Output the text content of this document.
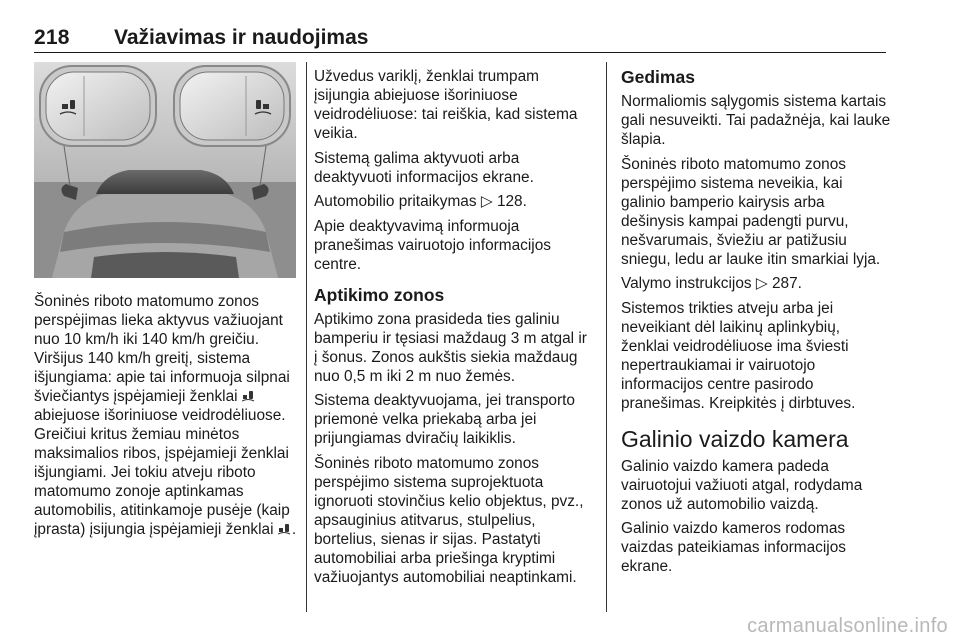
218 Važiavimas ir naudojimas

Šoninės riboto matomumo zonos perspėjimas lieka aktyvus važiuojant nuo 10 km/h iki 140 km/h greičiu. Viršijus 140 km/h greitį, sistema išjungiama: apie tai informuoja silpnai šviečiantys įspėjamieji ženklai  abiejuose išoriniuose veidrodėliuose. Greičiui kritus žemiau minėtos maksimalios ribos, įspėjamieji ženklai išjungiami. Jei tokiu atveju riboto matomumo zonoje aptinkamas automobilis, atitinkamoje pusėje (kaip įprasta) įsijungia įspėjamieji ženklai .

Užvedus variklį, ženklai trumpam įsijungia abiejuose išoriniuose veidrodėliuose: tai reiškia, kad sistema veikia.

Sistemą galima aktyvuoti arba deaktyvuoti informacijos ekrane.

Automobilio pritaikymas ▷ 128.

Apie deaktyvavimą informuoja pranešimas vairuotojo informacijos centre.

Aptikimo zonos

Aptikimo zona prasideda ties galiniu bamperiu ir tęsiasi maždaug 3 m atgal ir į šonus. Zonos aukštis siekia maždaug nuo 0,5 m iki 2 m nuo žemės.

Sistema deaktyvuojama, jei transporto priemonė velka priekabą arba jei prijungiamas dviračių laikiklis.

Šoninės riboto matomumo zonos perspėjimo sistema suprojektuota ignoruoti stovinčius kelio objektus, pvz., apsauginius atitvarus, stulpelius, bortelius, sienas ir sijas. Pastatyti automobiliai arba priešinga kryptimi važiuojantys automobiliai neaptinkami.

Gedimas

Normaliomis sąlygomis sistema kartais gali nesuveikti. Tai padažnėja, kai lauke šlapia.

Šoninės riboto matomumo zonos perspėjimo sistema neveikia, kai galinio bamperio kairysis arba dešinysis kampai padengti purvu, nešvarumais, šviežiu ar patižusiu sniegu, ledu ar lauke itin smarkiai lyja.

Valymo instrukcijos ▷ 287.

Sistemos trikties atveju arba jei neveikiant dėl laikinų aplinkybių, ženklai veidrodėliuose ima šviesti nepertraukiamai ir vairuotojo informacijos centre pasirodo pranešimas. Kreipkitės į dirbtuves.

Galinio vaizdo kamera

Galinio vaizdo kamera padeda vairuotojui važiuoti atgal, rodydama zonos už automobilio vaizdą.

Galinio vaizdo kameros rodomas vaizdas pateikiamas informacijos ekrane.

carmanualsonline.info
